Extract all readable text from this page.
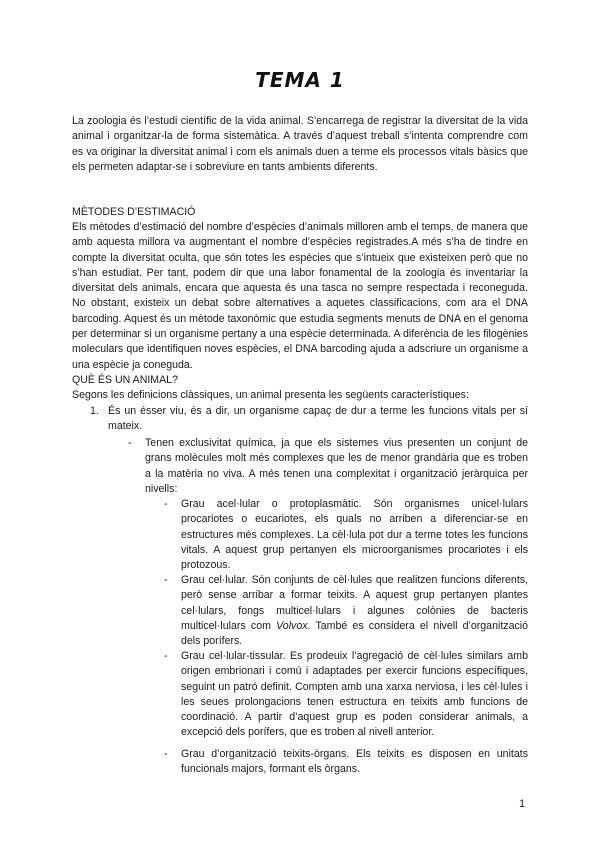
TEMA 1

La zoologia és l’estudi científic de la vida animal. S’encarrega de registrar la diversitat de la vida animal i organitzar-la de forma sistemàtica. A través d’aquest treball s’intenta comprendre com es va originar la diversitat animal i com els animals duen a terme els processos vitals bàsics que els permeten adaptar-se i sobreviure en tants ambients diferents.

MÈTODES D’ESTIMACIÓ

Els mètodes d’estimació del nombre d’espècies d’animals milloren amb el temps, de manera que amb aquesta millora va augmentant el nombre d’espècies registrades.A més s’ha de tindre en compte la diversitat oculta, que són totes les espècies que s’intueix que existeixen però que no s’han estudiat. Per tant, podem dir que una labor fonamental de la zoologia és inventariar la diversitat dels animals, encara que aquesta és una tasca no sempre respectada i reconeguda. No obstant, existeix un debat sobre alternatives a aquetes classificacions, com ara el DNA barcoding. Aquest és un mètode taxonòmic que estudia segments menuts de DNA en el genoma per determinar si un organisme pertany a una espècie determinada. A diferència de les filogènies moleculars que identifiquen noves espècies, el DNA barcoding ajuda a adscriure un organisme a una espècie ja coneguda.

QUÈ ÉS UN ANIMAL?

Segons les definicions clàssiques, un animal presenta les següents característiques:

1. És un ésser viu, és a dir, un organisme capaç de dur a terme les funcions vitals per sí mateix.

- Tenen exclusivitat química, ja que els sistemes vius presenten un conjunt de grans molècules molt més complexes que les de menor grandària que es troben a la matèria no viva. A més tenen una complexitat i organització jeràrquica per nivells:

- Grau acel·lular o protoplasmàtic. Són organismes unicel·lulars procariotes o eucariotes, els quals no arriben a diferenciar-se en estructures més complexes. La cèl·lula pot dur a terme totes les funcions vitals. A aquest grup pertanyen els microorganismes procariotes i els protozous.

- Grau cel·lular. Són conjunts de cèl·lules que realitzen funcions diferents, però sense arribar a formar teixits. A aquest grup pertanyen plantes cel·lulars, fongs multicel·lulars i algunes colònies de bacteris multicel·lulars com Volvox. També es considera el nivell d’organització dels porífers.

- Grau cel·lular-tissular. Es prodeuix l’agregació de cèl·lules similars amb origen embrionari i comú i adaptades per exercir funcions específiques, seguint un patró definit. Compten amb una xarxa nerviosa, i les cèl·lules i les seues prolongacions tenen estructura en teixits amb funcions de coordinació. A partir d’aquest grup es poden considerar animals, a excepció dels porífers, que es troben al nivell anterior.

- Grau d’organització teixits-òrgans. Els teixits es disposen en unitats funcionals majors, formant els òrgans.

1
